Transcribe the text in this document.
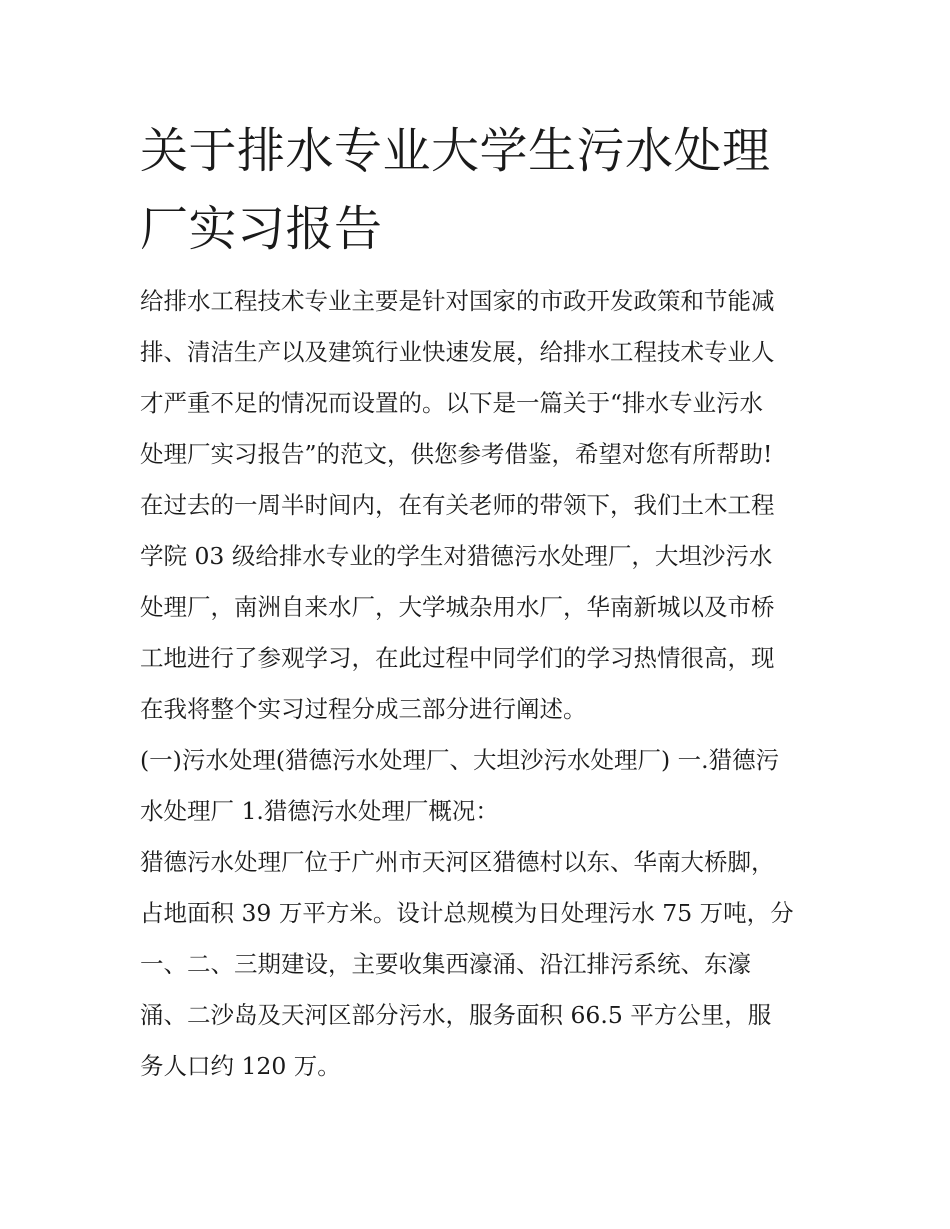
关于排水专业大学生污水处理
厂实习报告
给排水工程技术专业主要是针对国家的市政开发政策和节能减
排、清洁生产以及建筑行业快速发展，给排水工程技术专业人
才严重不足的情况而设置的。以下是一篇关于“排水专业污水
处理厂实习报告”的范文，供您参考借鉴，希望对您有所帮助!
在过去的一周半时间内，在有关老师的带领下，我们土木工程
学院 03 级给排水专业的学生对猎德污水处理厂，大坦沙污水
处理厂，南洲自来水厂，大学城杂用水厂，华南新城以及市桥
工地进行了参观学习，在此过程中同学们的学习热情很高，现
在我将整个实习过程分成三部分进行阐述。
(一)污水处理(猎德污水处理厂、大坦沙污水处理厂) 一.猎德污
水处理厂 1.猎德污水处理厂概况：
猎德污水处理厂位于广州市天河区猎德村以东、华南大桥脚，
占地面积 39 万平方米。设计总规模为日处理污水 75 万吨，分
一、二、三期建设，主要收集西濠涌、沿江排污系统、东濠
涌、二沙岛及天河区部分污水，服务面积 66.5 平方公里，服
务人口约 120 万。
